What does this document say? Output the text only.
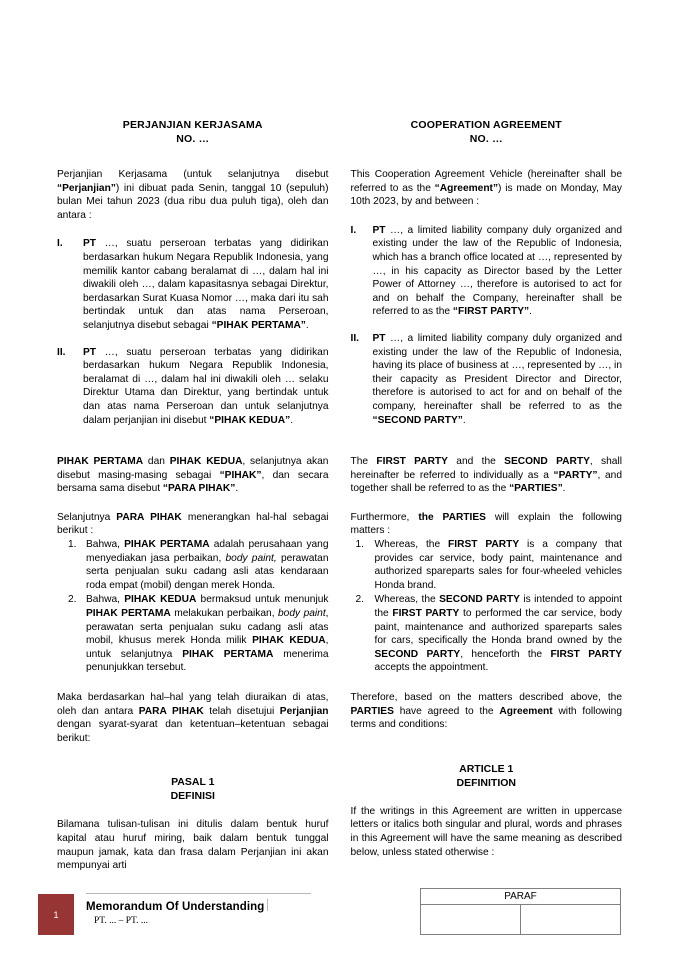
PERJANJIAN KERJASAMA
NO. …

Perjanjian Kerjasama (untuk selanjutnya disebut “Perjanjian”) ini dibuat pada Senin, tanggal 10 (sepuluh) bulan Mei tahun 2023 (dua ribu dua puluh tiga), oleh dan antara :

I.	PT …, suatu perseroan terbatas yang didirikan berdasarkan hukum Negara Republik Indonesia, yang memilik kantor cabang beralamat di …, dalam hal ini diwakili oleh …, dalam kapasitasnya sebagai Direktur, berdasarkan Surat Kuasa Nomor …, maka dari itu sah bertindak untuk dan atas nama Perseroan, selanjutnya disebut sebagai “PIHAK PERTAMA”.
II.	PT …, suatu perseroan terbatas yang didirikan berdasarkan hukum Negara Republik Indonesia, beralamat di …, dalam hal ini diwakili oleh … selaku Direktur Utama dan Direktur, yang bertindak untuk dan atas nama Perseroan dan untuk selanjutnya dalam perjanjian ini disebut “PIHAK KEDUA”.

PIHAK PERTAMA dan PIHAK KEDUA, selanjutnya akan disebut masing-masing sebagai “PIHAK”, dan secara bersama sama disebut “PARA PIHAK”.

Selanjutnya PARA PIHAK menerangkan hal-hal sebagai berikut :

1. Bahwa, PIHAK PERTAMA adalah perusahaan yang menyediakan jasa perbaikan, body paint, perawatan serta penjualan suku cadang asli atas kendaraan roda empat (mobil) dengan merek Honda.
2. Bahwa, PIHAK KEDUA bermaksud untuk menunjuk PIHAK PERTAMA melakukan perbaikan, body paint, perawatan serta penjualan suku cadang asli atas mobil, khusus merek Honda milik PIHAK KEDUA, untuk selanjutnya PIHAK PERTAMA menerima penunjukkan tersebut.

Maka berdasarkan hal–hal yang telah diuraikan di atas, oleh dan antara PARA PIHAK telah disetujui Perjanjian dengan syarat-syarat dan ketentuan–ketentuan sebagai berikut:

PASAL 1
DEFINISI

Bilamana tulisan-tulisan ini ditulis dalam bentuk huruf kapital atau huruf miring, baik dalam bentuk tunggal maupun jamak, kata dan frasa dalam Perjanjian ini akan mempunyai arti

COOPERATION AGREEMENT
NO. …

This Cooperation Agreement Vehicle (hereinafter shall be referred to as the “Agreement”) is made on Monday, May 10th 2023, by and between :

I.	PT …, a limited liability company duly organized and existing under the law of the Republic of Indonesia, which has a branch office located at …, represented by …, in his capacity as Director based by the Letter Power of Attorney …, therefore is autorised to act for and on behalf the Company, hereinafter shall be referred to as the “FIRST PARTY”.
II.	PT …, a limited liability company duly organized and existing under the law of the Republic of Indonesia, having its place of business at …, represented by …, in their capacity as President Director and Director, therefore is autorised to act for and on behalf of the company, hereinafter shall be referred to as the “SECOND PARTY”.

The FIRST PARTY and the SECOND PARTY, shall hereinafter be referred to individually as a “PARTY”, and together shall be referred to as the “PARTIES”.

Furthermore, the PARTIES will explain the following matters :

1.	Whereas, the FIRST PARTY is a company that provides car service, body paint, maintenance and authorized spareparts sales for four-wheeled vehicles Honda brand.
2.	Whereas, the SECOND PARTY is intended to appoint the FIRST PARTY to performed the car service, body paint, maintenance and authorized spareparts sales for cars, specifically the Honda brand owned by the SECOND PARTY, henceforth the FIRST PARTY accepts the appointment.

Therefore, based on the matters described above, the PARTIES have agreed to the Agreement with following terms and conditions:

ARTICLE 1
DEFINITION

If the writings in this Agreement are written in uppercase letters or italics both singular and plural, words and phrases in this Agreement will have the same meaning as described below, unless stated otherwise :

1
Memorandum Of Understanding
PT. ... – PT. ...
PARAF
